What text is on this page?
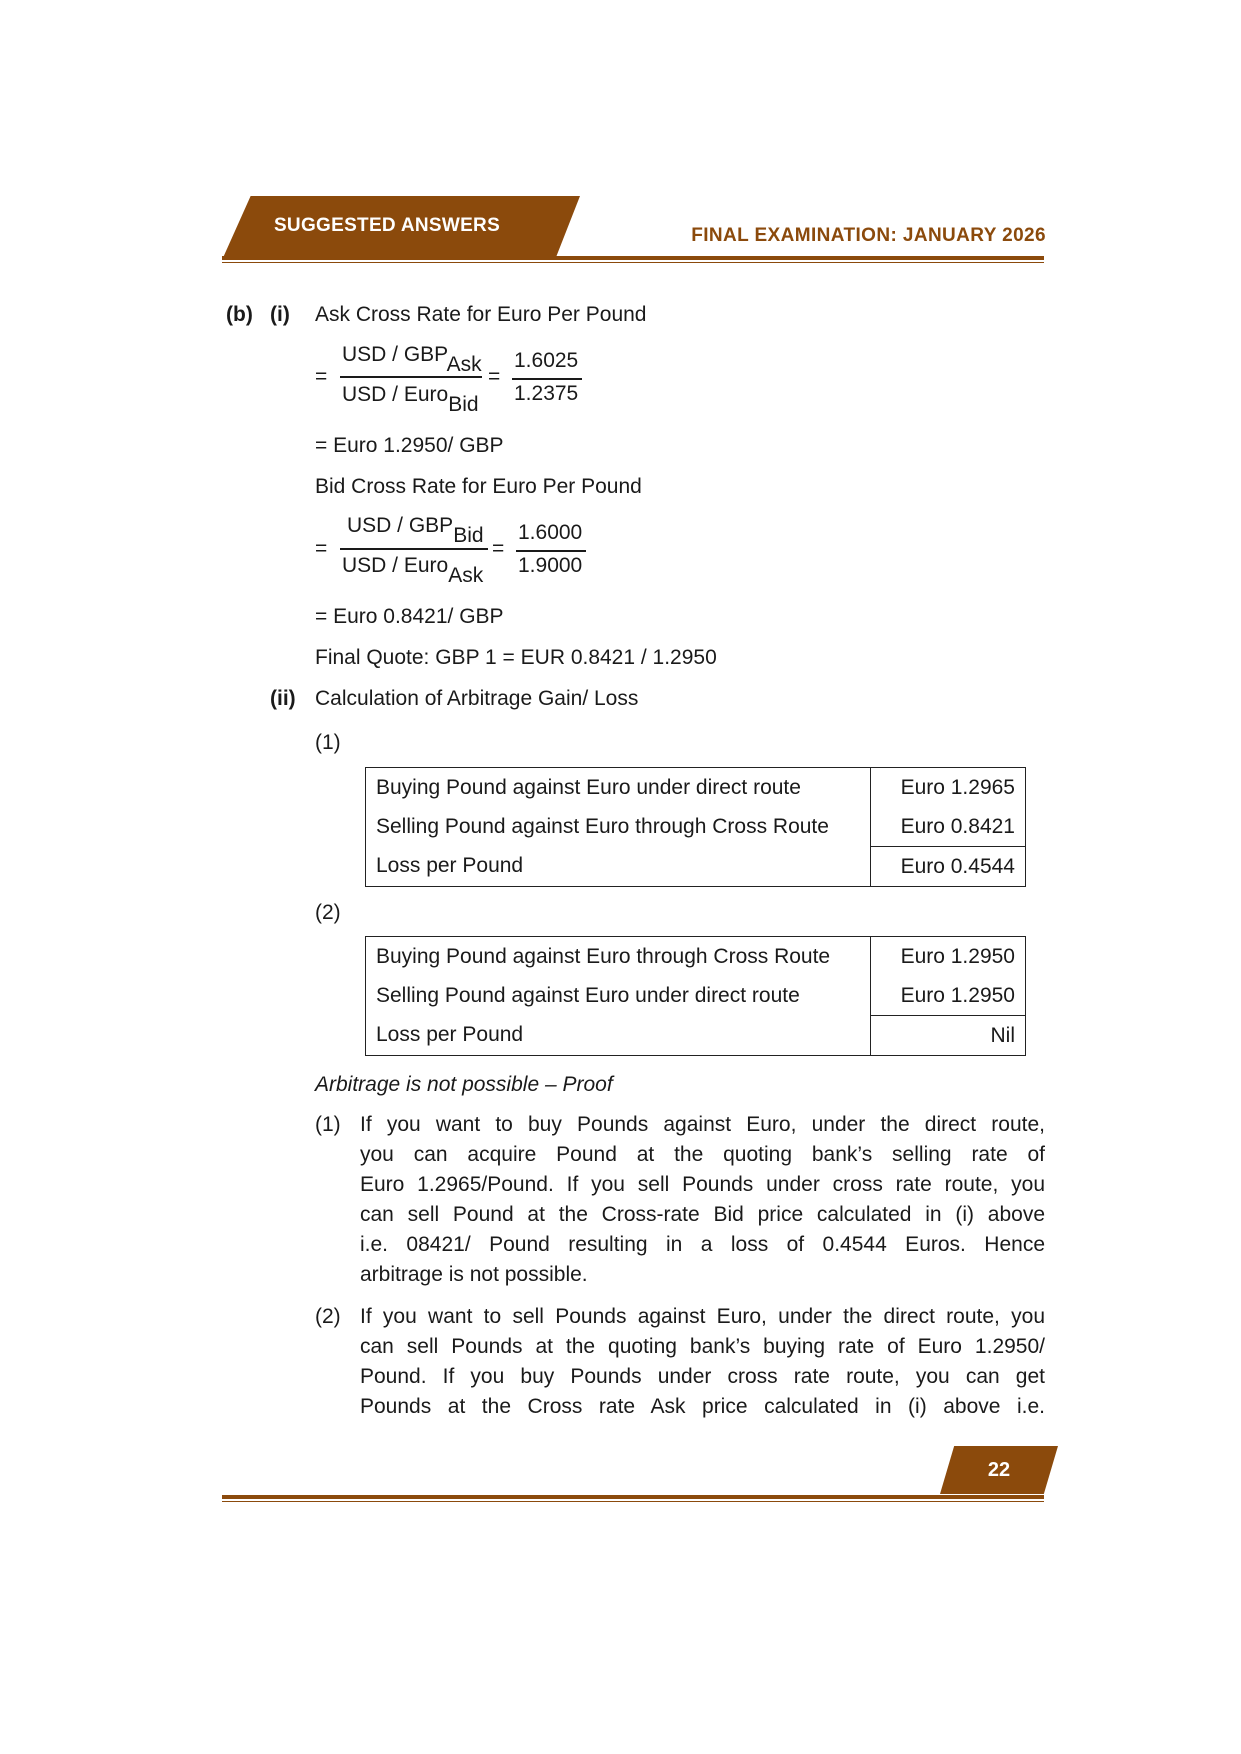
SUGGESTED ANSWERS	FINAL EXAMINATION: JANUARY 2026
(b) (i) Ask Cross Rate for Euro Per Pound
=
USD / GBPAsk
USD / EuroBid
=
1.6025
1.2375
= Euro 1.2950/ GBP
Bid Cross Rate for Euro Per Pound
=
USD / GBPBid
USD / EuroAsk
=
1.6000
1.9000
= Euro 0.8421/ GBP
Final Quote: GBP 1 = EUR 0.8421 / 1.2950
(ii) Calculation of Arbitrage Gain/ Loss
(1)
Buying Pound against Euro under direct route	Euro 1.2965
Selling Pound against Euro through Cross Route	Euro 0.8421
Loss per Pound	Euro 0.4544
(2)
Buying Pound against Euro through Cross Route	Euro 1.2950
Selling Pound against Euro under direct route	Euro 1.2950
Loss per Pound	Nil
Arbitrage is not possible – Proof
(1) If you want to buy Pounds against Euro, under the direct route,
you can acquire Pound at the quoting bank’s selling rate of
Euro 1.2965/Pound. If you sell Pounds under cross rate route, you
can sell Pound at the Cross-rate Bid price calculated in (i) above
i.e. 08421/ Pound resulting in a loss of 0.4544 Euros. Hence
arbitrage is not possible.
(2) If you want to sell Pounds against Euro, under the direct route, you
can sell Pounds at the quoting bank’s buying rate of Euro 1.2950/
Pound. If you buy Pounds under cross rate route, you can get
Pounds at the Cross rate Ask price calculated in (i) above i.e.
22
